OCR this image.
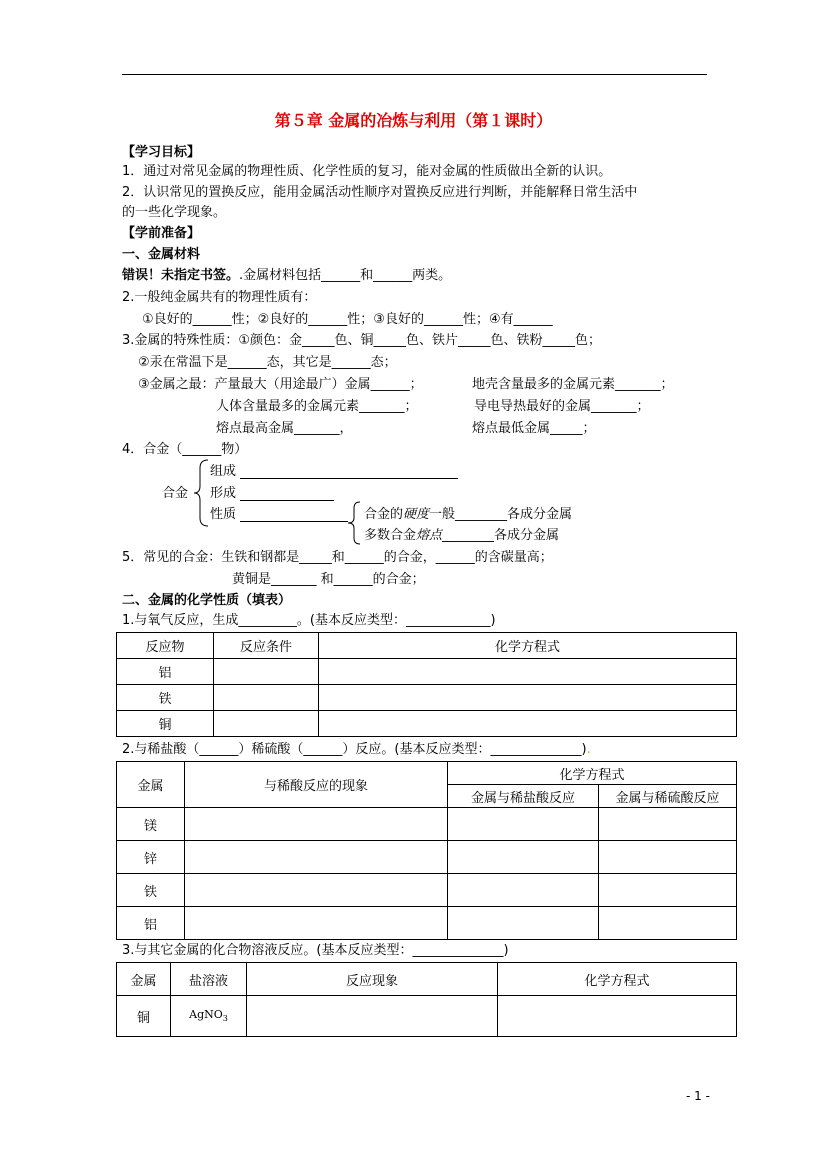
第５章 金属的冶炼与利用（第１课时）
【学习目标】
1．通过对常见金属的物理性质、化学性质的复习，能对金属的性质做出全新的认识。
2．认识常见的置换反应，能用金属活动性顺序对置换反应进行判断，并能解释日常生活中
的一些化学现象。
【学前准备】
一、金属材料
错误！未指定书签。.金属材料包括______和______两类。
2.一般纯金属共有的物理性质有：
①良好的______性；②良好的______性；③良好的______性；④有______
3.金属的特殊性质：①颜色：金_____色、铜_____色、铁片_____色、铁粉_____色；
②汞在常温下是______态，其它是______态；
③金属之最：产量最大（用途最广）金属______；	地壳含量最多的金属元素_______；
人体含量最多的金属元素_______；	导电导热最好的金属_______；
熔点最高金属_______，	熔点最低金属_____；
4．合金（______物）
合金
组成
形成
性质	合金的硬度一般________各成分金属
多数合金熔点________各成分金属
5．常见的合金：生铁和钢都是_____和______的合金，______的含碳量高；
黄铜是_______ 和______的合金；
二、金属的化学性质（填表）
1.与氧气反应，生成_________。(基本反应类型：_____________)
反应物	反应条件	化学方程式
铝		
铁		
铜		
2.与稀盐酸（______）稀硫酸（______）反应。(基本反应类型：______________).
金属	与稀酸反应的现象	化学方程式	
		金属与稀盐酸反应	金属与稀硫酸反应
镁			
锌			
铁			
铝			
3.与其它金属的化合物溶液反应。(基本反应类型：______________)
金属	盐溶液	反应现象	化学方程式
铜	AgNO$_3$		
- 1 -
